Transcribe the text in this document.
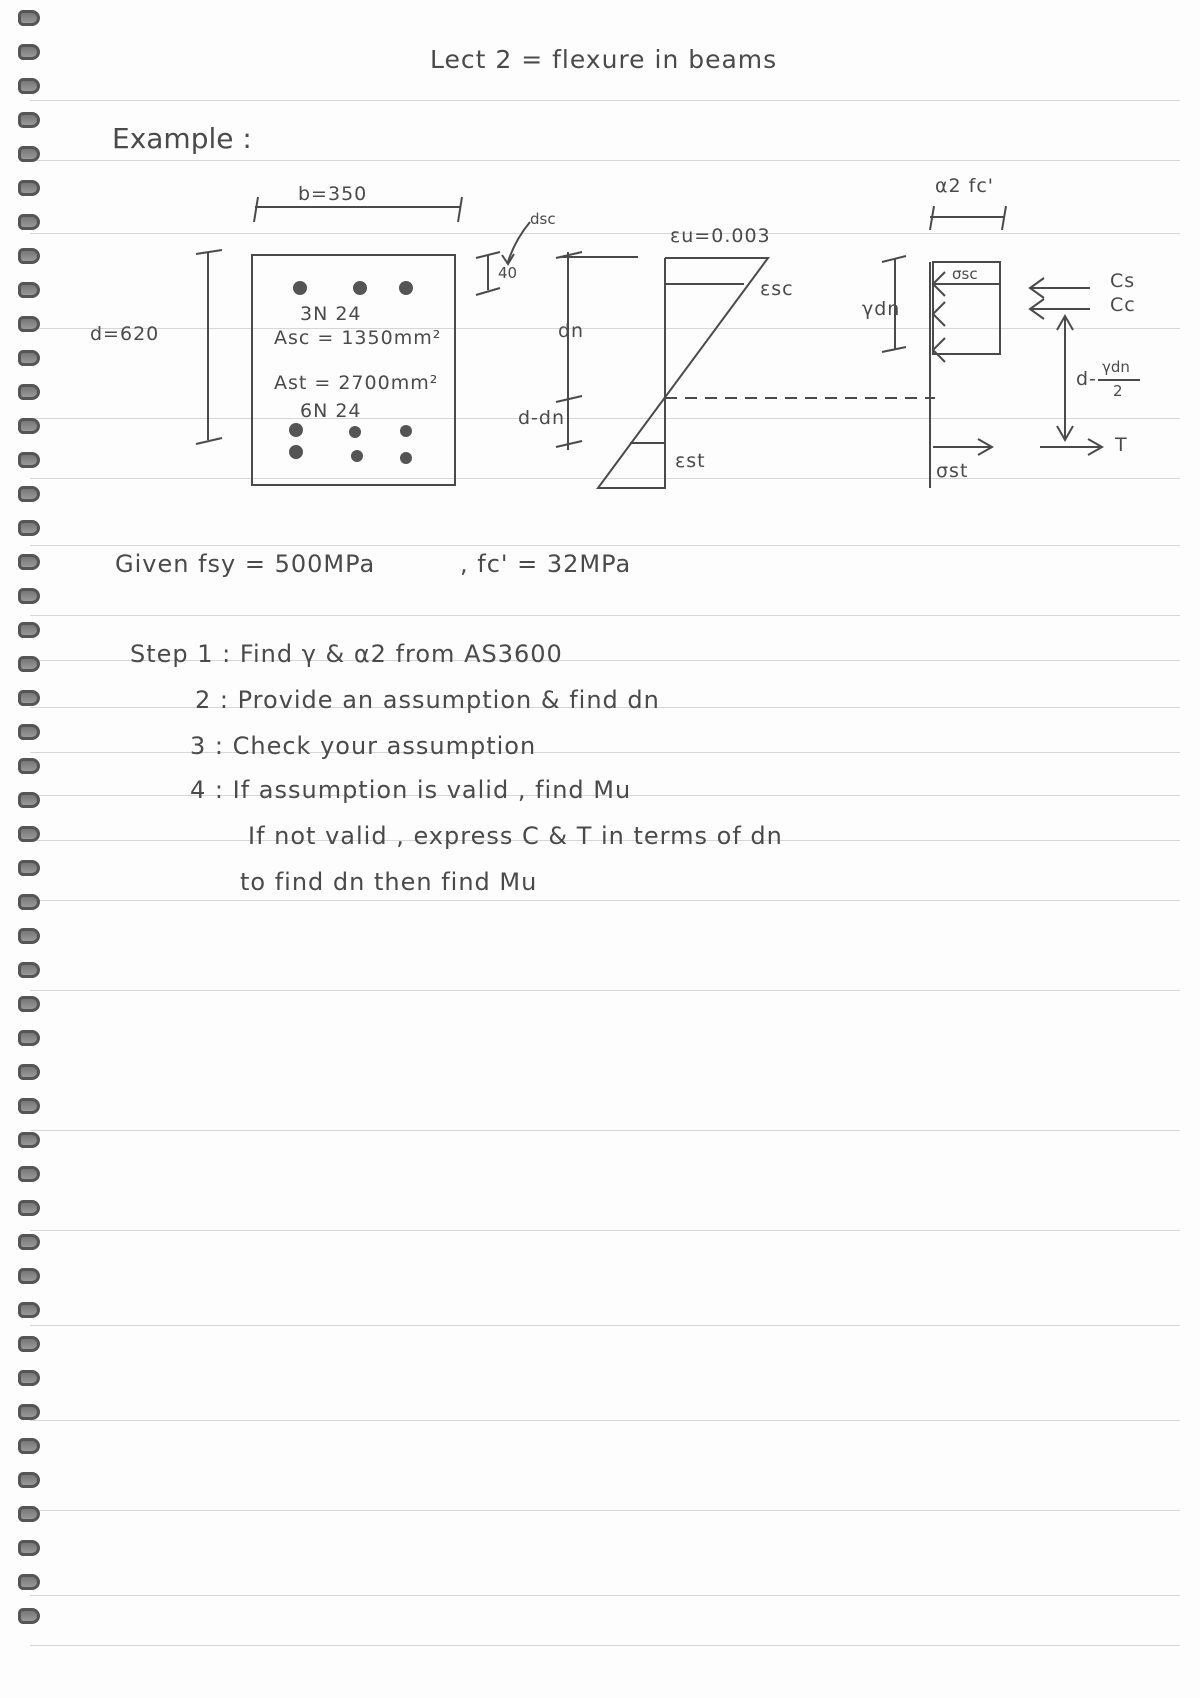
Lect 2 = flexure in beams
Example :
b=350
d=620
dsc
40
3N 24
Asc = 1350mm²
Ast = 2700mm²
6N 24
dn
d-dn
εu=0.003
εsc
εst
γdn
α2 fc'
σsc
σst
Cs
Cc
d-
γdn
2
T
Given fsy = 500MPa	, fc' = 32MPa
Step 1 : Find γ & α2 from AS3600
2 : Provide an assumption & find dn
3 : Check your assumption
4 : If assumption is valid , find Mu
If not valid , express C & T in terms of dn
to find dn then find Mu
